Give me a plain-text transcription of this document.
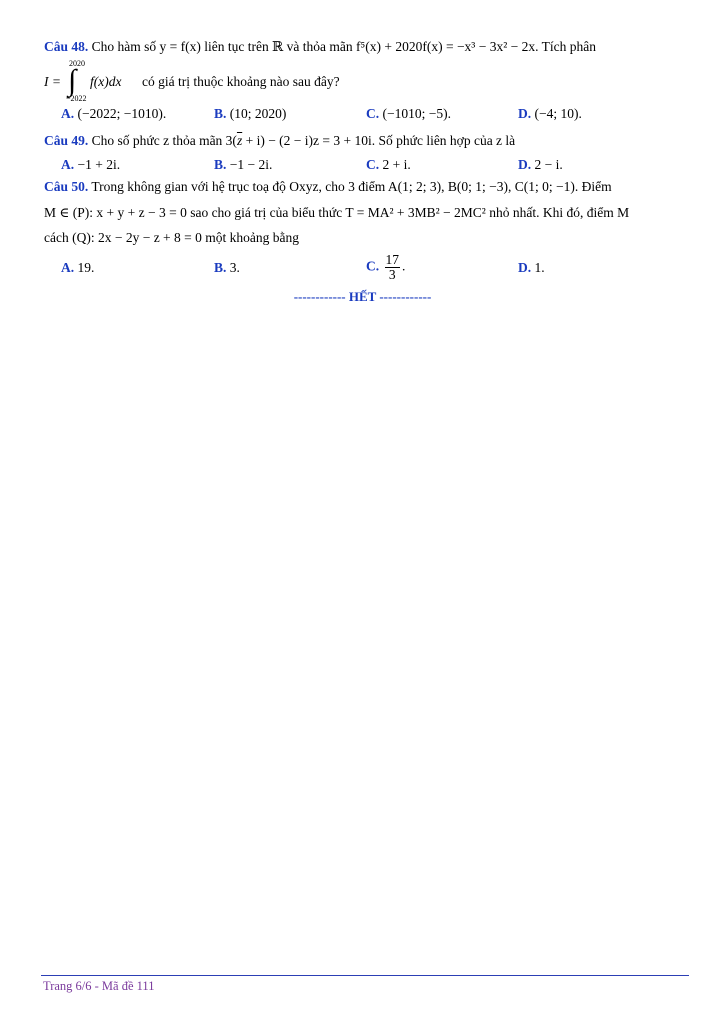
Câu 48. Cho hàm số y = f(x) liên tục trên ℝ và thỏa mãn f⁵(x) + 2020f(x) = −x³ − 3x² − 2x. Tích phân
I =
2020
∫
−2022
f(x)dx có giá trị thuộc khoảng nào sau đây?
A. (−2022; −1010).	B. (10; 2020)	C. (−1010; −5).	D. (−4; 10).
Câu 49. Cho số phức z thỏa mãn $3(\overline{z} + i) - (2 - i)z = 3 + 10i$. Số phức liên hợp của z là
A. −1 + 2i.	B. −1 − 2i.	C. 2 + i.	D. 2 − i.
Câu 50. Trong không gian với hệ trục toạ độ Oxyz, cho 3 điểm A(1; 2; 3), B(0; 1; −3), C(1; 0; −1). Điểm
M ∈ (P): x + y + z − 3 = 0 sao cho giá trị của biểu thức T = MA² + 3MB² − 2MC² nhỏ nhất. Khi đó, điểm M
cách (Q): 2x − 2y − z + 8 = 0 một khoảng bằng
A. 19.	B. 3.	C. $\frac{17}{3}$ .	D. 1.
------------ HẾT ------------
Trang 6/6 - Mã đề 111
